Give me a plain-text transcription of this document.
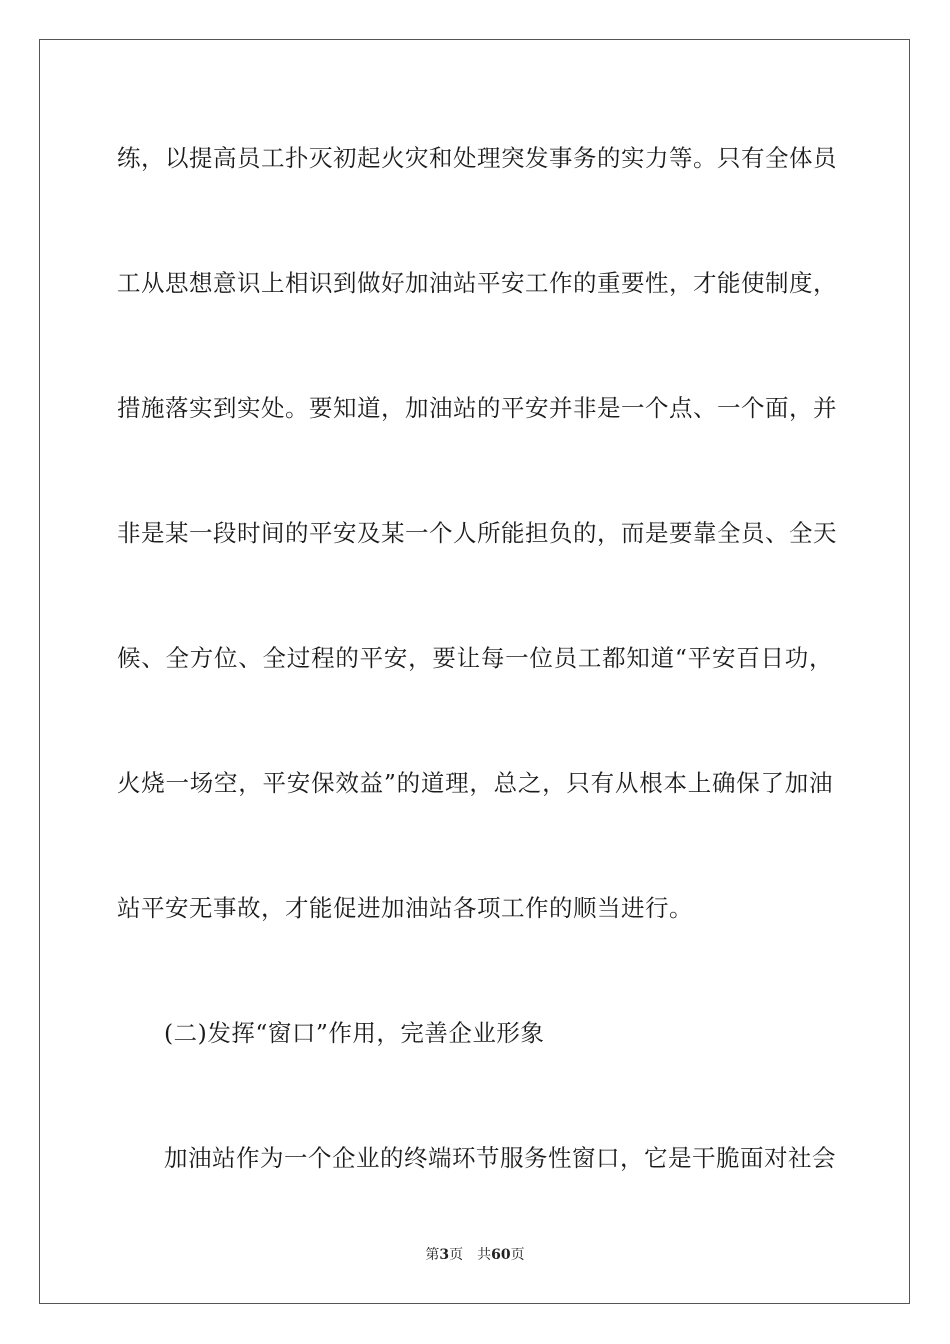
练，以提高员工扑灭初起火灾和处理突发事务的实力等。只有全体员
工从思想意识上相识到做好加油站平安工作的重要性，才能使制度，
措施落实到实处。要知道，加油站的平安并非是一个点、一个面，并
非是某一段时间的平安及某一个人所能担负的，而是要靠全员、全天
候、全方位、全过程的平安，要让每一位员工都知道“平安百日功，
火烧一场空，平安保效益”的道理，总之，只有从根本上确保了加油
站平安无事故，才能促进加油站各项工作的顺当进行。
(二)发挥“窗口”作用，完善企业形象
加油站作为一个企业的终端环节服务性窗口，它是干脆面对社会
第3页 共60页
